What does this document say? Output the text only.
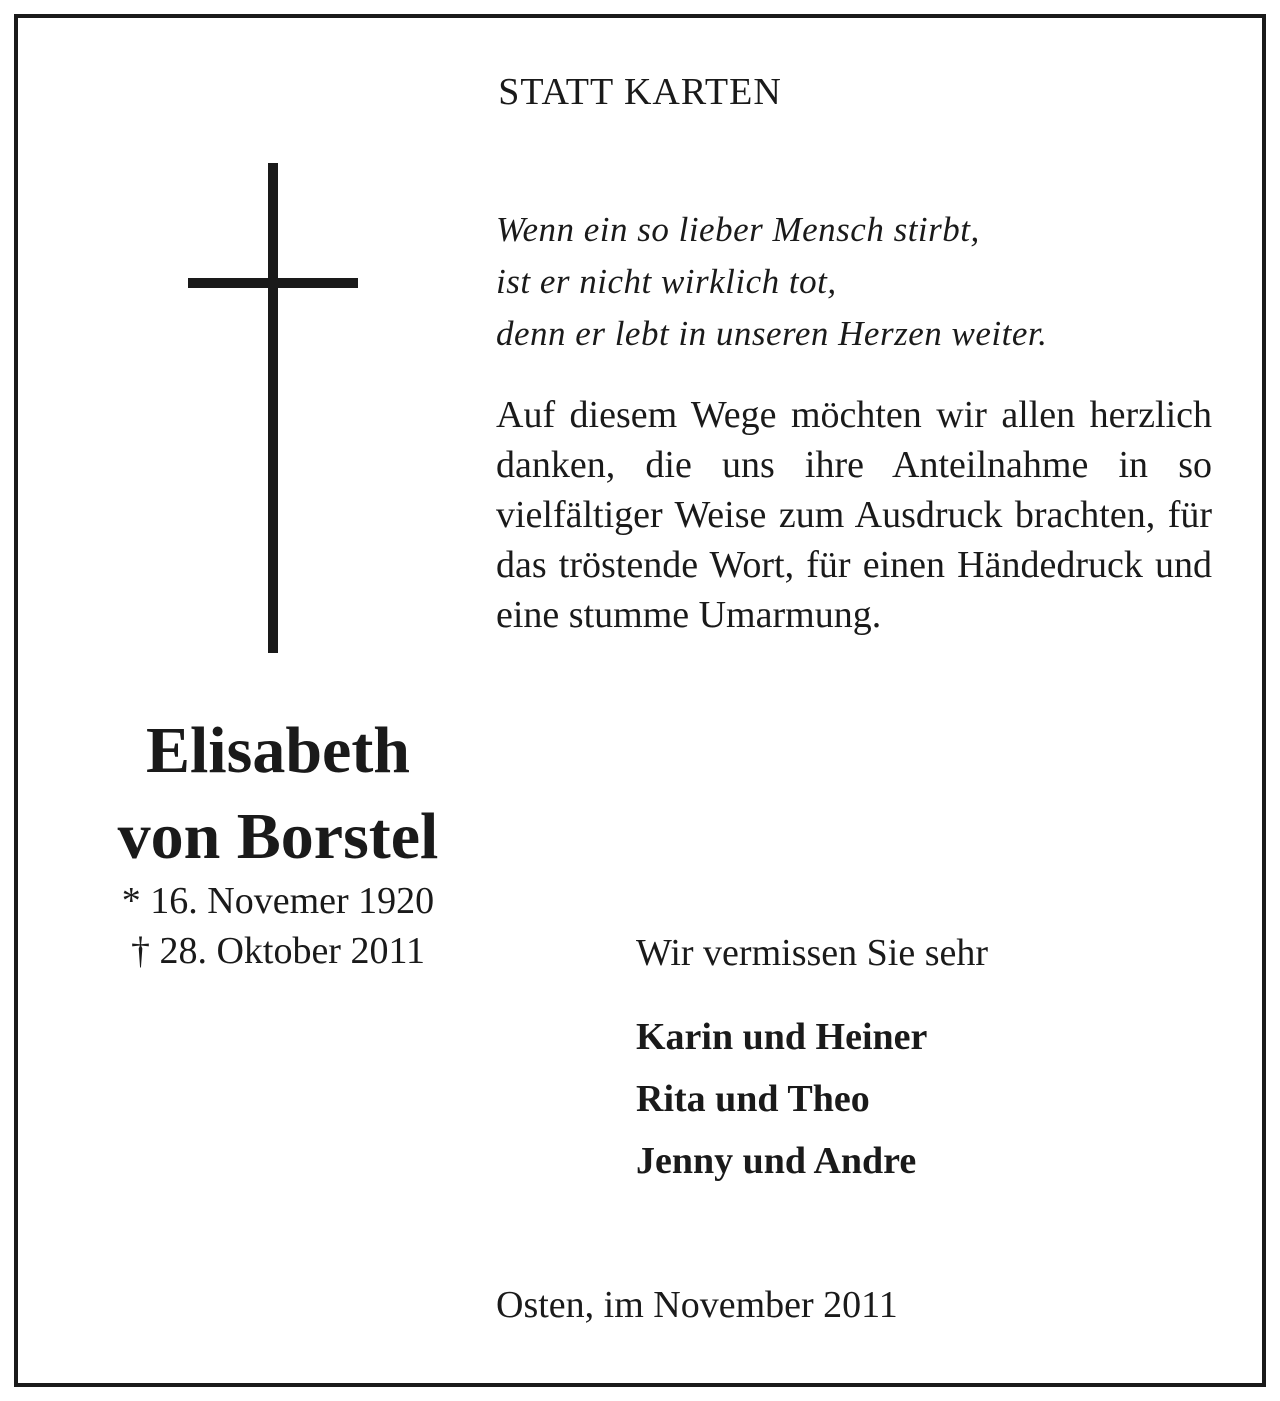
STATT KARTEN
Wenn ein so lieber Mensch stirbt,
ist er nicht wirklich tot,
denn er lebt in unseren Herzen weiter.
Auf diesem Wege möchten wir allen herzlich danken, die uns ihre Anteilnahme in so vielfältiger Weise zum Ausdruck brachten, für das tröstende Wort, für einen Händedruck und eine stumme Umarmung.
Elisabeth
von Borstel
* 16. Novemer 1920
† 28. Oktober 2011	Wir vermissen Sie sehr
Karin und Heiner
Rita und Theo
Jenny und Andre
Osten, im November 2011
